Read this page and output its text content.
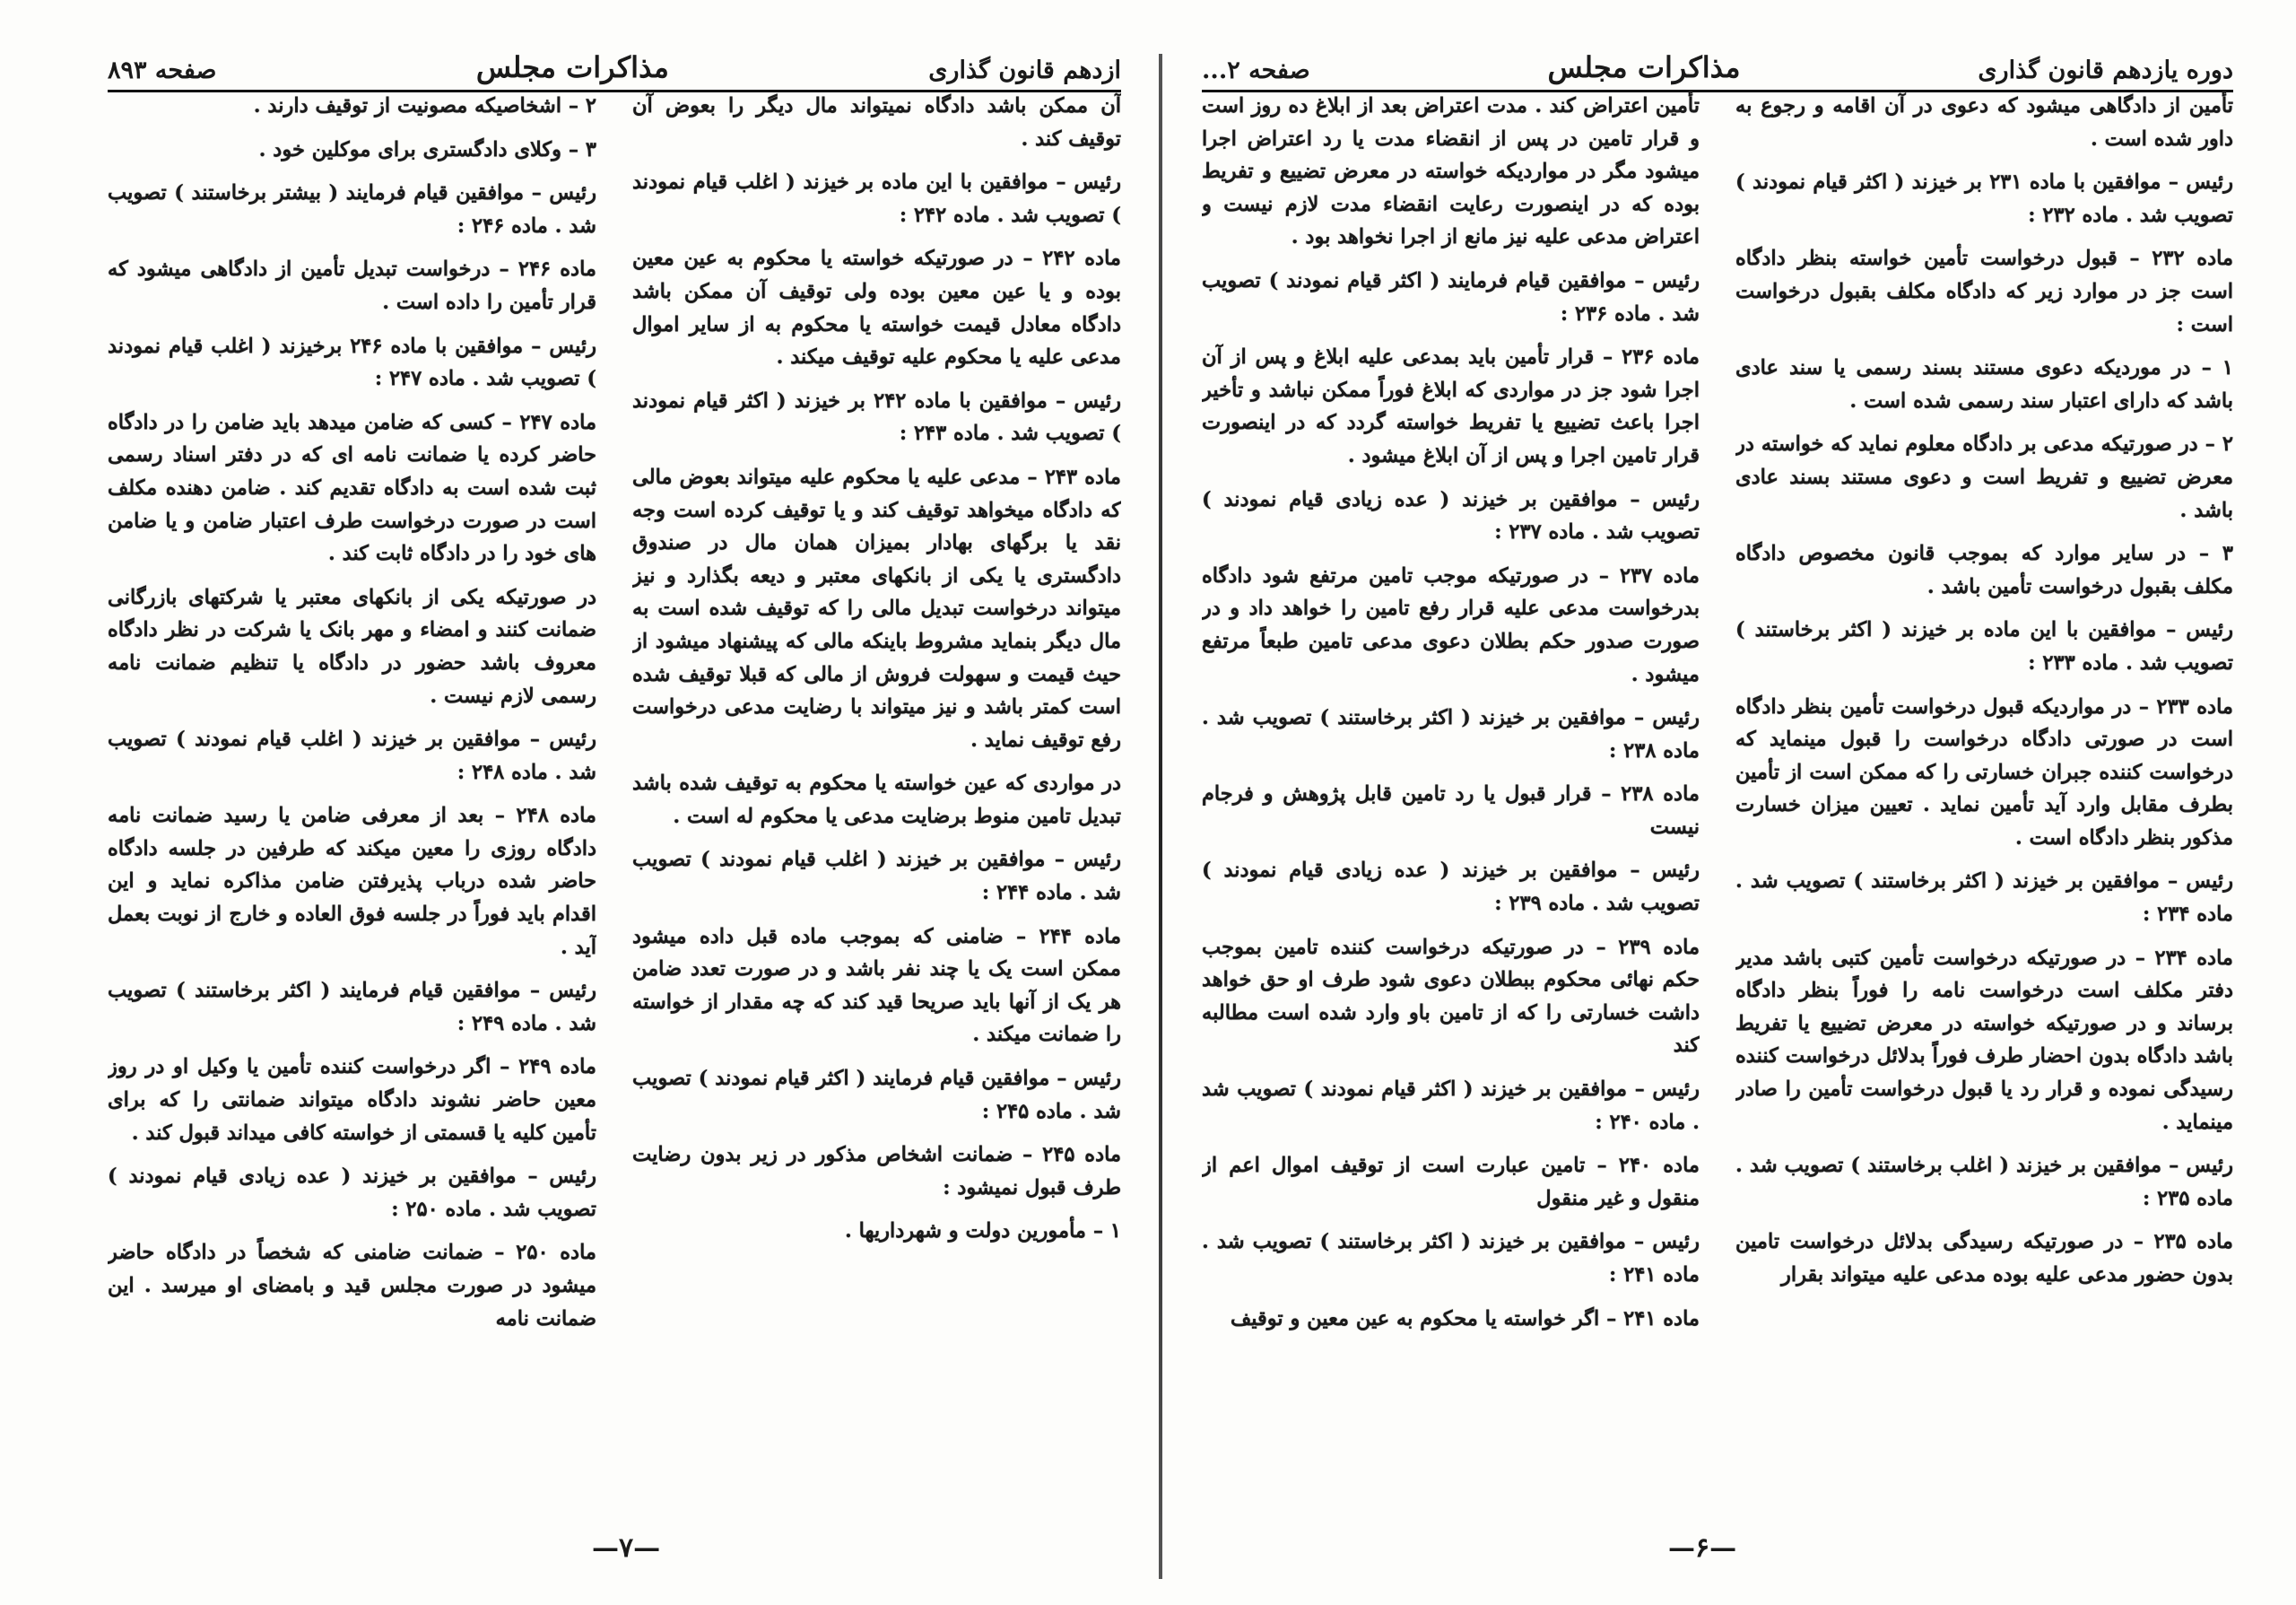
ازدهم قانون گذاری
مذاکرات مجلس
صفحه ۸۹۳

آن ممکن باشد دادگاه نمیتواند مال دیگر را بعوض آن توقیف کند .

رئیس – موافقین با این ماده بر خیزند ( اغلب قیام نمودند ) تصویب شد . ماده ۲۴۲ :

ماده ۲۴۲ – در صورتیکه خواسته یا محکوم به عین معین بوده و یا عین معین بوده ولی توقیف آن ممکن باشد دادگاه معادل قیمت خواسته یا محکوم به از سایر اموال مدعی علیه یا محکوم علیه توقیف میکند .

رئیس – موافقین با ماده ۲۴۲ بر خیزند ( اکثر قیام نمودند ) تصویب شد . ماده ۲۴۳ :

ماده ۲۴۳ – مدعی علیه یا محکوم علیه میتواند بعوض مالی که دادگاه میخواهد توقیف کند و یا توقیف کرده است وجه نقد یا برگهای بهادار بمیزان همان مال در صندوق دادگستری یا یکی از بانکهای معتبر و دیعه بگذارد و نیز میتواند درخواست تبدیل مالی را که توقیف شده است به مال دیگر بنماید مشروط باینکه مالی که پیشنهاد میشود از حیث قیمت و سهولت فروش از مالی که قبلا توقیف شده است کمتر باشد و نیز میتواند با رضایت مدعی درخواست رفع توقیف نماید .

در مواردی که عین خواسته یا محکوم به توقیف شده باشد تبدیل تامین منوط برضایت مدعی یا محکوم له است .

رئیس – موافقین بر خیزند ( اغلب قیام نمودند ) تصویب شد . ماده ۲۴۴ :

ماده ۲۴۴ – ضامنی که بموجب ماده قبل داده میشود ممکن است یک یا چند نفر باشد و در صورت تعدد ضامن هر یک از آنها باید صریحا قید کند که چه مقدار از خواسته را ضمانت میکند .

رئیس – موافقین قیام فرمایند ( اکثر قیام نمودند ) تصویب شد . ماده ۲۴۵ :

ماده ۲۴۵ – ضمانت اشخاص مذکور در زیر بدون رضایت طرف قبول نمیشود :

۱ – مأمورین دولت و شهرداریها .

۲ – اشخاصیکه مصونیت از توقیف دارند .

۳ – وکلای دادگستری برای موکلین خود .

رئیس – موافقین قیام فرمایند ( بیشتر برخاستند ) تصویب شد . ماده ۲۴۶ :

ماده ۲۴۶ – درخواست تبدیل تأمین از دادگاهی میشود که قرار تأمین را داده است .

رئیس – موافقین با ماده ۲۴۶ برخیزند ( اغلب قیام نمودند ) تصویب شد . ماده ۲۴۷ :

ماده ۲۴۷ – کسی که ضامن میدهد باید ضامن را در دادگاه حاضر کرده یا ضمانت نامه ای که در دفتر اسناد رسمی ثبت شده است به دادگاه تقدیم کند . ضامن دهنده مکلف است در صورت درخواست طرف اعتبار ضامن و یا ضامن های خود را در دادگاه ثابت کند .

در صورتیکه یکی از بانکهای معتبر یا شرکتهای بازرگانی ضمانت کنند و امضاء و مهر بانک یا شرکت در نظر دادگاه معروف باشد حضور در دادگاه یا تنظیم ضمانت نامه رسمی لازم نیست .

رئیس – موافقین بر خیزند ( اغلب قیام نمودند ) تصویب شد . ماده ۲۴۸ :

ماده ۲۴۸ – بعد از معرفی ضامن یا رسید ضمانت نامه دادگاه روزی را معین میکند که طرفین در جلسه دادگاه حاضر شده درباب پذیرفتن ضامن مذاکره نماید و این اقدام باید فوراً در جلسه فوق العاده و خارج از نوبت بعمل آید .

رئیس – موافقین قیام فرمایند ( اکثر برخاستند ) تصویب شد . ماده ۲۴۹ :

ماده ۲۴۹ – اگر درخواست کننده تأمین یا وکیل او در روز معین حاضر نشوند دادگاه میتواند ضمانتی را که برای تأمین کلیه یا قسمتی از خواسته کافی میداند قبول کند .

رئیس – موافقین بر خیزند ( عده زیادی قیام نمودند ) تصویب شد . ماده ۲۵۰ :

ماده ۲۵۰ – ضمانت ضامنی که شخصاً در دادگاه حاضر میشود در صورت مجلس قید و بامضای او میرسد . این ضمانت نامه

—۷—
دوره یازدهم قانون گذاری
مذاکرات مجلس
صفحه ۲...

تأمین از دادگاهی میشود که دعوی در آن اقامه و رجوع به داور شده است .

رئیس – موافقین با ماده ۲۳۱ بر خیزند ( اکثر قیام نمودند ) تصویب شد . ماده ۲۳۲ :

ماده ۲۳۲ – قبول درخواست تأمین خواسته بنظر دادگاه است جز در موارد زیر که دادگاه مکلف بقبول درخواست است :

۱ – در موردیکه دعوی مستند بسند رسمی یا سند عادی باشد که دارای اعتبار سند رسمی شده است .

۲ – در صورتیکه مدعی بر دادگاه معلوم نماید که خواسته در معرض تضییع و تفریط است و دعوی مستند بسند عادی باشد .

۳ – در سایر موارد که بموجب قانون مخصوص دادگاه مکلف بقبول درخواست تأمین باشد .

رئیس – موافقین با این ماده بر خیزند ( اکثر برخاستند ) تصویب شد . ماده ۲۳۳ :

ماده ۲۳۳ – در مواردیکه قبول درخواست تأمین بنظر دادگاه است در صورتی دادگاه درخواست را قبول مینماید که درخواست کننده جبران خسارتی را که ممکن است از تأمین بطرف مقابل وارد آید تأمین نماید . تعیین میزان خسارت مذکور بنظر دادگاه است .

رئیس – موافقین بر خیزند ( اکثر برخاستند ) تصویب شد . ماده ۲۳۴ :

ماده ۲۳۴ – در صورتیکه درخواست تأمین کتبی باشد مدیر دفتر مکلف است درخواست نامه را فوراً بنظر دادگاه برساند و در صورتیکه خواسته در معرض تضییع یا تفریط باشد دادگاه بدون احضار طرف فوراً بدلائل درخواست کننده رسیدگی نموده و قرار رد یا قبول درخواست تأمین را صادر مینماید .

رئیس – موافقین بر خیزند ( اغلب برخاستند ) تصویب شد . ماده ۲۳۵ :

ماده ۲۳۵ – در صورتیکه رسیدگی بدلائل درخواست تامین بدون حضور مدعی علیه بوده مدعی علیه میتواند بقرار

تأمین اعتراض کند . مدت اعتراض بعد از ابلاغ ده روز است و قرار تامین در پس از انقضاء مدت یا رد اعتراض اجرا میشود مگر در مواردیکه خواسته در معرض تضییع و تفریط بوده که در اینصورت رعایت انقضاء مدت لازم نیست و اعتراض مدعی علیه نیز مانع از اجرا نخواهد بود .

رئیس – موافقین قیام فرمایند ( اکثر قیام نمودند ) تصویب شد . ماده ۲۳۶ :

ماده ۲۳۶ – قرار تأمین باید بمدعی علیه ابلاغ و پس از آن اجرا شود جز در مواردی که ابلاغ فوراً ممکن نباشد و تأخیر اجرا باعث تضییع یا تفریط خواسته گردد که در اینصورت قرار تامین اجرا و پس از آن ابلاغ میشود .

رئیس – موافقین بر خیزند ( عده زیادی قیام نمودند ) تصویب شد . ماده ۲۳۷ :

ماده ۲۳۷ – در صورتیکه موجب تامین مرتفع شود دادگاه بدرخواست مدعی علیه قرار رفع تامین را خواهد داد و در صورت صدور حکم بطلان دعوی مدعی تامین طبعاً مرتفع میشود .

رئیس – موافقین بر خیزند ( اکثر برخاستند ) تصویب شد . ماده ۲۳۸ :

ماده ۲۳۸ – قرار قبول یا رد تامین قابل پژوهش و فرجام نیست

رئیس – موافقین بر خیزند ( عده زیادی قیام نمودند ) تصویب شد . ماده ۲۳۹ :

ماده ۲۳۹ – در صورتیکه درخواست کننده تامین بموجب حکم نهائی محکوم ببطلان دعوی شود طرف او حق خواهد داشت خسارتی را که از تامین باو وارد شده است مطالبه کند

رئیس – موافقین بر خیزند ( اکثر قیام نمودند ) تصویب شد . ماده ۲۴۰ :

ماده ۲۴۰ – تامین عبارت است از توقیف اموال اعم از منقول و غیر منقول

رئیس – موافقین بر خیزند ( اکثر برخاستند ) تصویب شد . ماده ۲۴۱ :

ماده ۲۴۱ – اگر خواسته یا محکوم به عین معین و توقیف

—۶—
